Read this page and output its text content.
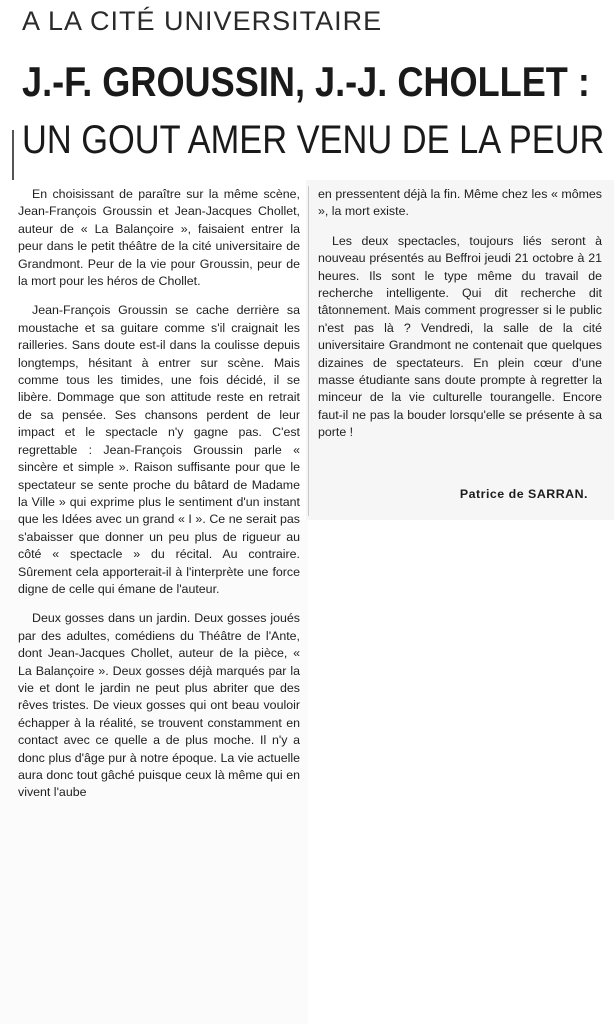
A LA CITÉ UNIVERSITAIRE
J.-F. GROUSSIN, J.-J. CHOLLET :
UN GOUT AMER VENU DE LA PEUR

En choisissant de paraître sur la même scène, Jean-François Groussin et Jean-Jacques Chollet, auteur de « La Balançoire », faisaient entrer la peur dans le petit théâtre de la cité universitaire de Grandmont. Peur de la vie pour Groussin, peur de la mort pour les héros de Chollet.

Jean-François Groussin se cache derrière sa moustache et sa guitare comme s'il craignait les railleries. Sans doute est-il dans la coulisse depuis longtemps, hésitant à entrer sur scène. Mais comme tous les timides, une fois décidé, il se libère. Dommage que son attitude reste en retrait de sa pensée. Ses chansons perdent de leur impact et le spectacle n'y gagne pas. C'est regrettable : Jean-François Groussin parle « sincère et simple ». Raison suffisante pour que le spectateur se sente proche du bâtard de Madame la Ville » qui exprime plus le sentiment d'un instant que les Idées avec un grand « I ». Ce ne serait pas s'abaisser que donner un peu plus de rigueur au côté « spectacle » du récital. Au contraire. Sûrement cela apporterait-il à l'interprète une force digne de celle qui émane de l'auteur.

Deux gosses dans un jardin. Deux gosses joués par des adultes, comédiens du Théâtre de l'Ante, dont Jean-Jacques Chollet, auteur de la pièce, « La Balançoire ». Deux gosses déjà marqués par la vie et dont le jardin ne peut plus abriter que des rêves tristes. De vieux gosses qui ont beau vouloir échapper à la réalité, se trouvent constamment en contact avec ce quelle a de plus moche. Il n'y a donc plus d'âge pur à notre époque. La vie actuelle aura donc tout gâché puisque ceux là même qui en vivent l'aube

en pressentent déjà la fin. Même chez les « mômes », la mort existe.

Les deux spectacles, toujours liés seront à nouveau présentés au Beffroi jeudi 21 octobre à 21 heures. Ils sont le type même du travail de recherche intelligente. Qui dit recherche dit tâtonnement. Mais comment progresser si le public n'est pas là ? Vendredi, la salle de la cité universitaire Grandmont ne contenait que quelques dizaines de spectateurs. En plein cœur d'une masse étudiante sans doute prompte à regretter la minceur de la vie culturelle tourangelle. Encore faut-il ne pas la bouder lorsqu'elle se présente à sa porte !

Patrice de SARRAN.
